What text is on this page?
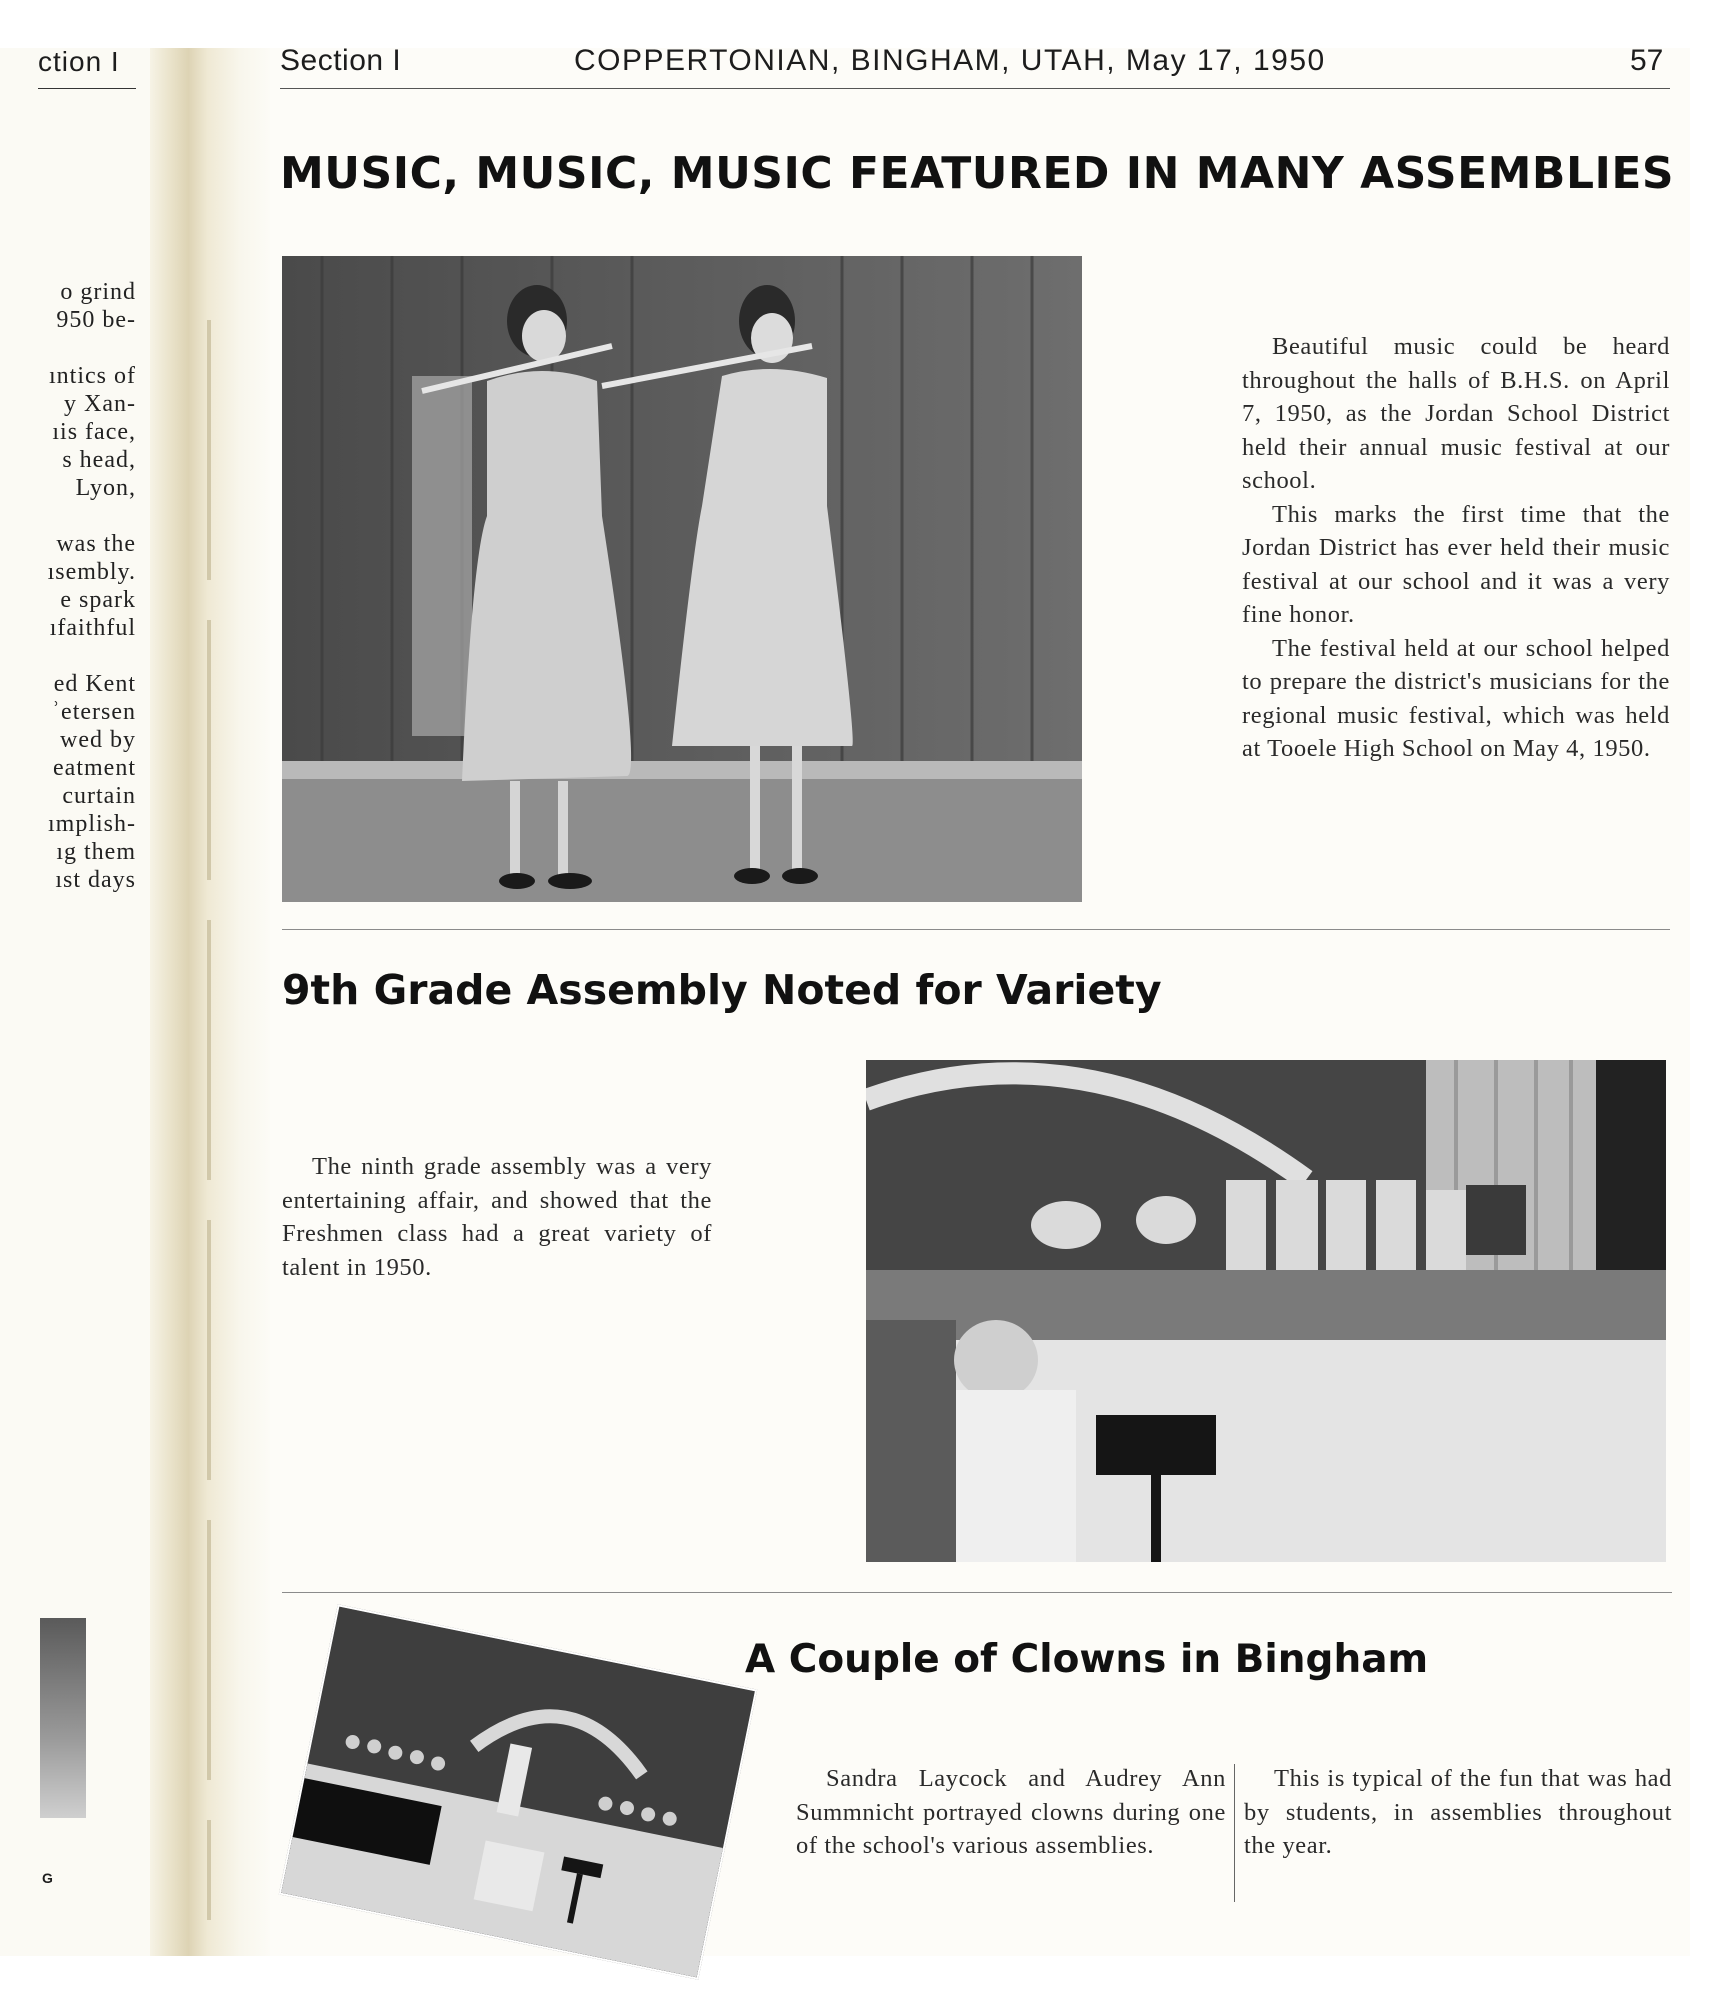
ction I
o grind
950 be-
ıntics of
y Xan-
ıis face,
s head,
Lyon,
was the
ısembly.
e spark
ıfaithful
ed Kent
ʾetersen
wed by
eatment
curtain
ımplish-
ıg them
ıst days
G
Section I	COPPERTONIAN, BINGHAM, UTAH, May 17, 1950	57
MUSIC, MUSIC, MUSIC FEATURED IN MANY ASSEMBLIES

Beautiful music could be heard throughout the halls of B.H.S. on April 7, 1950, as the Jordan School District held their annual music festival at our school.

This marks the first time that the Jordan District has ever held their music festival at our school and it was a very fine honor.

The festival held at our school helped to prepare the district's musicians for the regional music festival, which was held at Tooele High School on May 4, 1950.

9th Grade Assembly Noted for Variety

The ninth grade assembly was a very entertaining affair, and showed that the Freshmen class had a great variety of talent in 1950.

A Couple of Clowns in Bingham

Sandra Laycock and Audrey Ann Summnicht portrayed clowns during one of the school's various assemblies.

This is typical of the fun that was had by students, in assemblies throughout the year.
